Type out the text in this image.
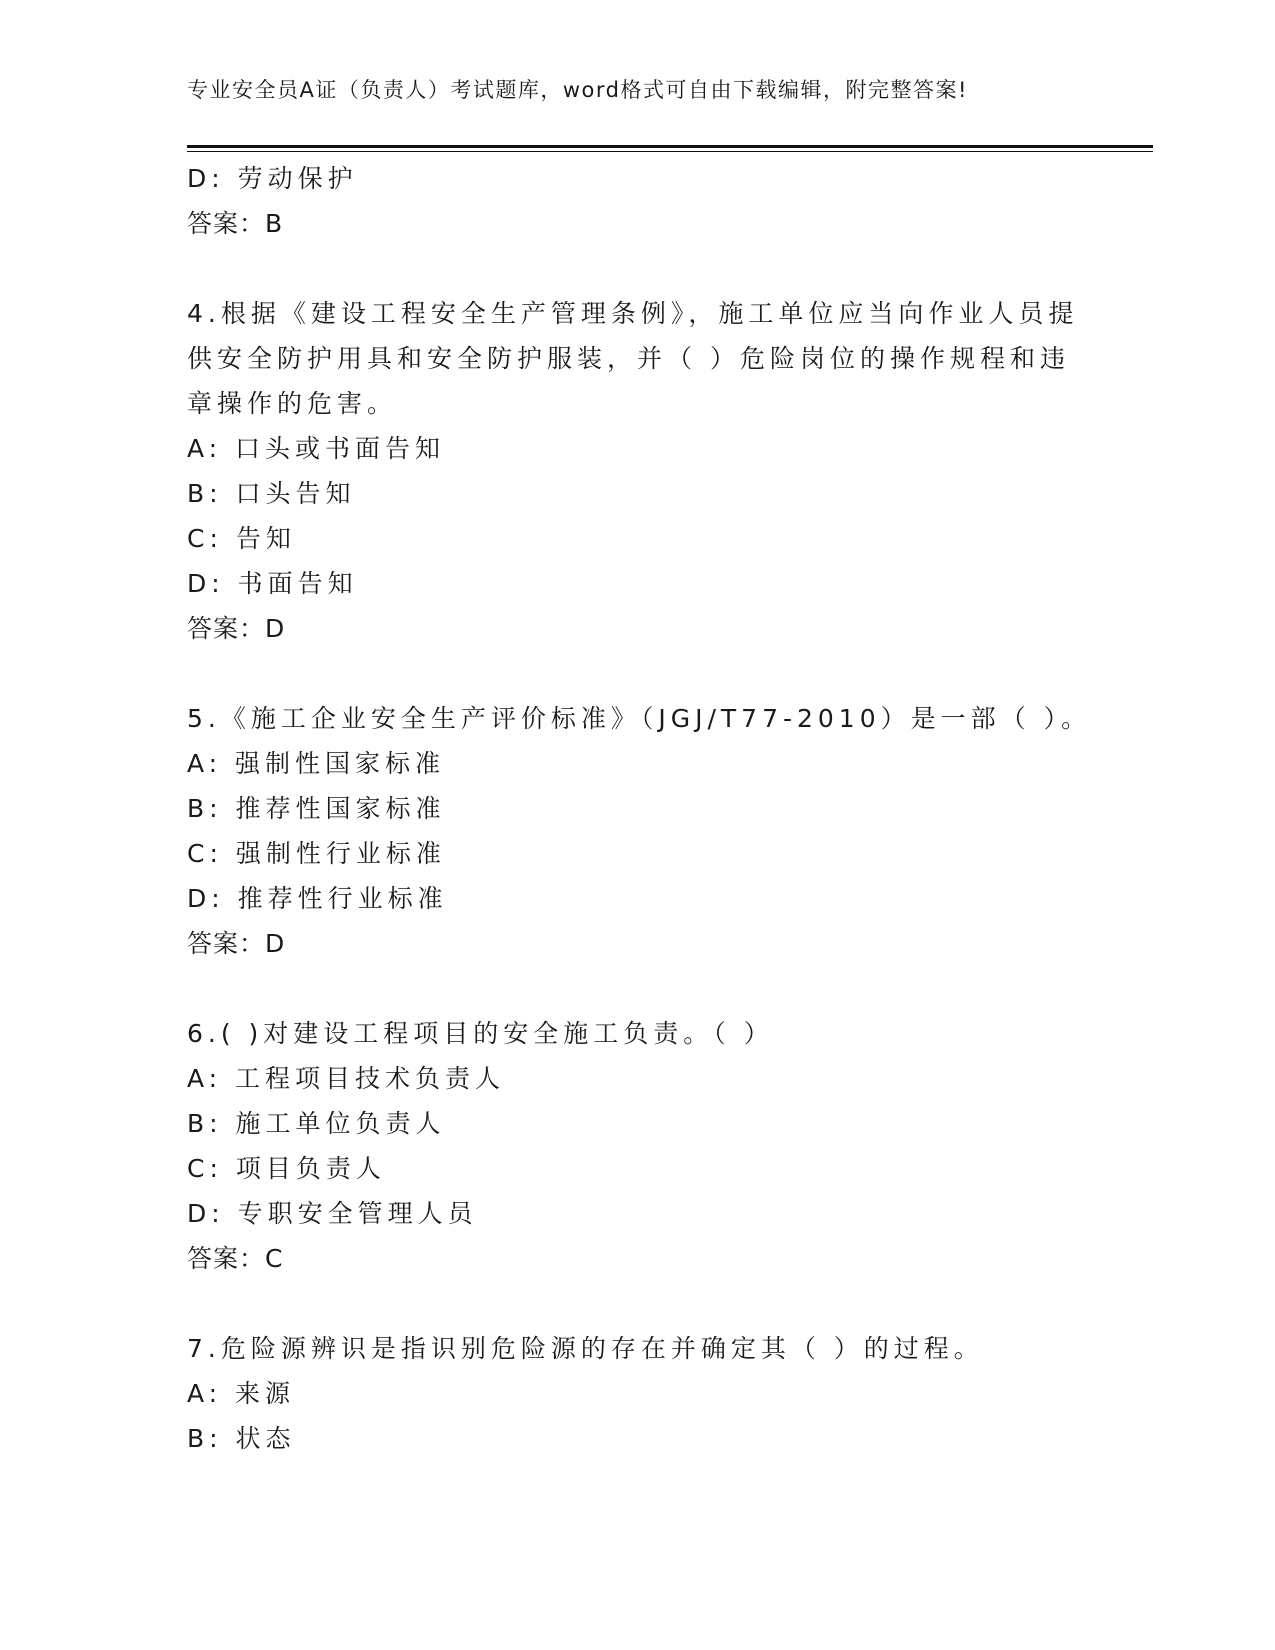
专业安全员A证（负责人）考试题库，word格式可自由下载编辑，附完整答案!
D: 劳动保护
答案：B
4.根据《建设工程安全生产管理条例》，施工单位应当向作业人员提
供安全防护用具和安全防护服装，并（ ）危险岗位的操作规程和违
章操作的危害。
A: 口头或书面告知
B: 口头告知
C: 告知
D: 书面告知
答案：D
5.《施工企业安全生产评价标准》（JGJ/T77-2010）是一部（ ）。
A: 强制性国家标准
B: 推荐性国家标准
C: 强制性行业标准
D: 推荐性行业标准
答案：D
6.( )对建设工程项目的安全施工负责。（ ）
A: 工程项目技术负责人
B: 施工单位负责人
C: 项目负责人
D: 专职安全管理人员
答案：C
7.危险源辨识是指识别危险源的存在并确定其（ ）的过程。
A: 来源
B: 状态
